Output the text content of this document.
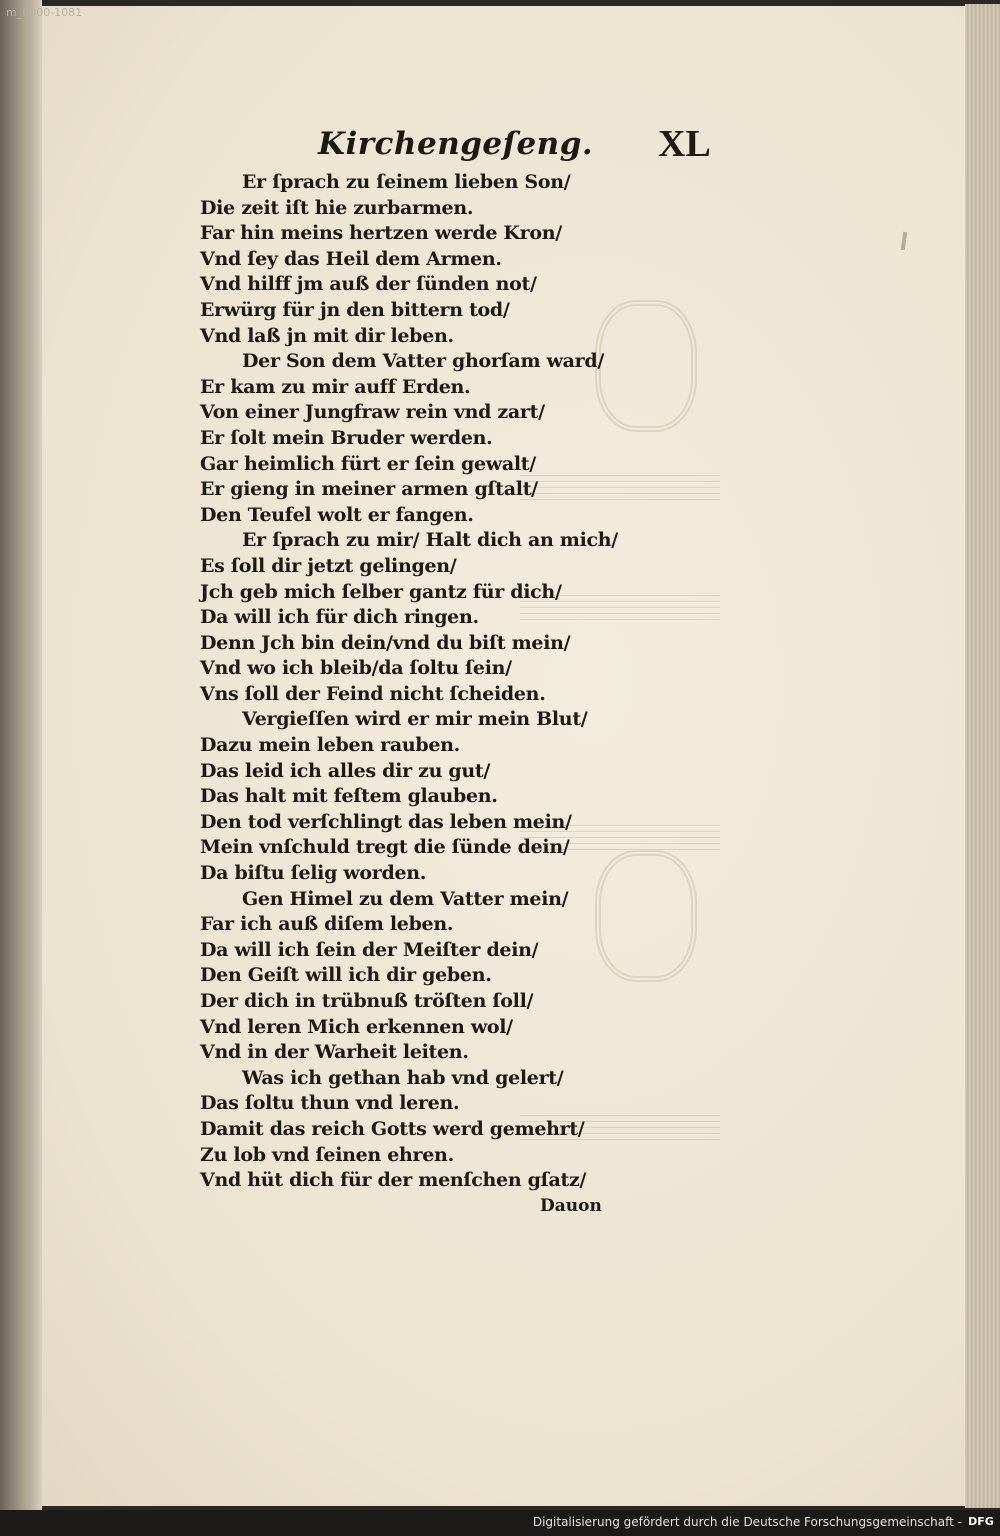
m_0000-1081
Kirchengeſeng. XL
Er ſprach zu ſeinem lieben Son/
Die zeit iſt hie zurbarmen.
Far hin meins hertzen werde Kron/
Vnd ſey das Heil dem Armen.
Vnd hilff jm auß der ſünden not/
Erwürg für jn den bittern tod/
Vnd laß jn mit dir leben.
Der Son dem Vatter ghorſam ward/
Er kam zu mir auff Erden.
Von einer Jungfraw rein vnd zart/
Er ſolt mein Bruder werden.
Gar heimlich fürt er ſein gewalt/
Er gieng in meiner armen gſtalt/
Den Teufel wolt er fangen.
Er ſprach zu mir/ Halt dich an mich/
Es ſoll dir jetzt gelingen/
Jch geb mich ſelber gantz für dich/
Da will ich für dich ringen.
Denn Jch bin dein/vnd du biſt mein/
Vnd wo ich bleib/da ſoltu ſein/
Vns ſoll der Feind nicht ſcheiden.
Vergieſſen wird er mir mein Blut/
Dazu mein leben rauben.
Das leid ich alles dir zu gut/
Das halt mit feſtem glauben.
Den tod verſchlingt das leben mein/
Mein vnſchuld tregt die ſünde dein/
Da biſtu ſelig worden.
Gen Himel zu dem Vatter mein/
Far ich auß diſem leben.
Da will ich ſein der Meiſter dein/
Den Geiſt will ich dir geben.
Der dich in trübnuß tröſten ſoll/
Vnd leren Mich erkennen wol/
Vnd in der Warheit leiten.
Was ich gethan hab vnd gelert/
Das ſoltu thun vnd leren.
Damit das reich Gotts werd gemehrt/
Zu lob vnd ſeinen ehren.
Vnd hüt dich für der menſchen gſatz/
Dauon
Digitalisierung gefördert durch die Deutsche Forschungsgemeinschaft - DFG
